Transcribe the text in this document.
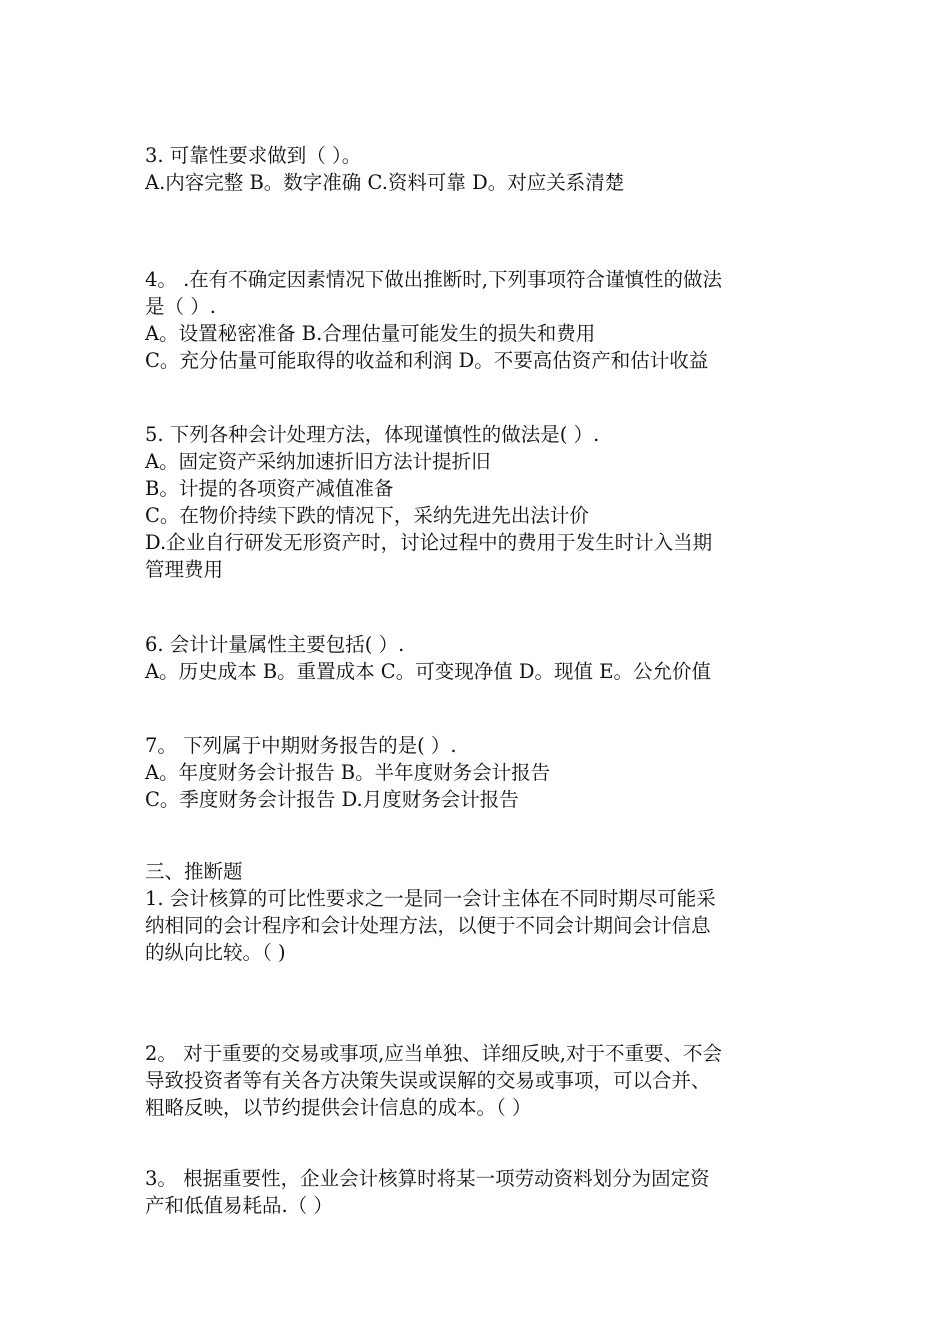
3. 可靠性要求做到（ ）。
A.内容完整 B。数字准确 C.资料可靠 D。对应关系清楚
4。 .在有不确定因素情况下做出推断时,下列事项符合谨慎性的做法
是（ ）.
A。设置秘密准备 B.合理估量可能发生的损失和费用
C。充分估量可能取得的收益和利润 D。不要高估资产和估计收益
5. 下列各种会计处理方法，体现谨慎性的做法是( ）.
A。固定资产采纳加速折旧方法计提折旧
B。计提的各项资产减值准备
C。在物价持续下跌的情况下，采纳先进先出法计价
D.企业自行研发无形资产时，讨论过程中的费用于发生时计入当期
管理费用
6. 会计计量属性主要包括( ）.
A。历史成本 B。重置成本 C。可变现净值 D。现值 E。公允价值
7。 下列属于中期财务报告的是( ）.
A。年度财务会计报告 B。半年度财务会计报告
C。季度财务会计报告 D.月度财务会计报告
三、推断题
1. 会计核算的可比性要求之一是同一会计主体在不同时期尽可能采
纳相同的会计程序和会计处理方法，以便于不同会计期间会计信息
的纵向比较。（ )
2。 对于重要的交易或事项,应当单独、详细反映,对于不重要、不会
导致投资者等有关各方决策失误或误解的交易或事项，可以合并、
粗略反映，以节约提供会计信息的成本。（ ）
3。 根据重要性，企业会计核算时将某一项劳动资料划分为固定资
产和低值易耗品.（ ）
